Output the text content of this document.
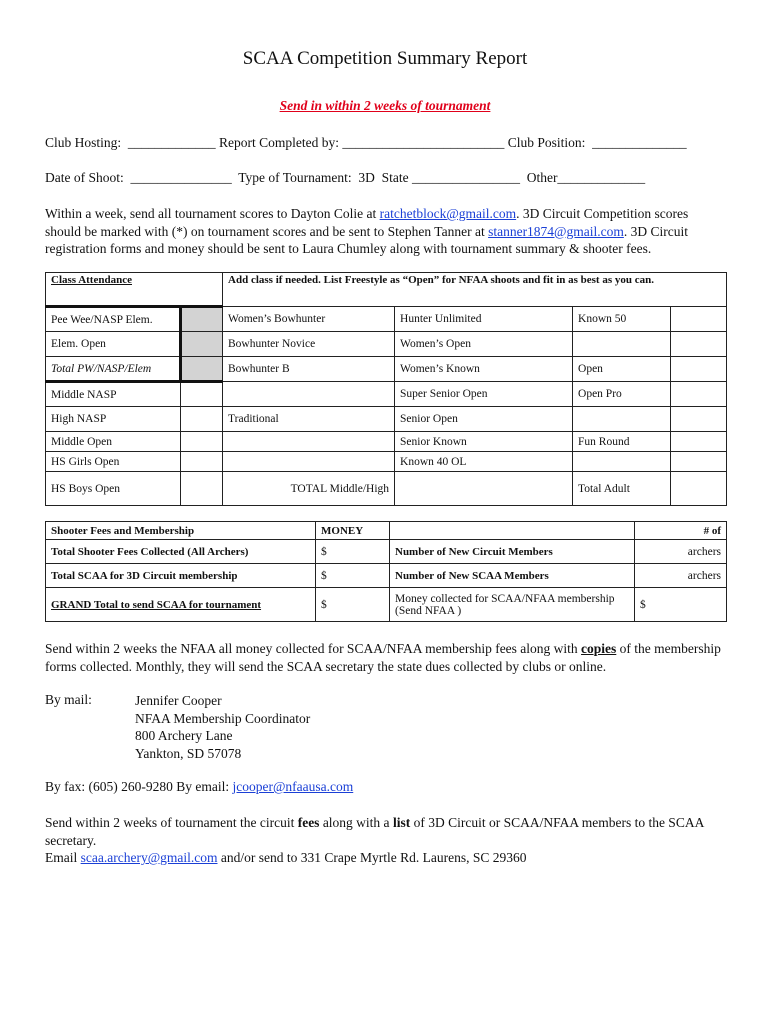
SCAA Competition Summary Report
Send in within 2 weeks of tournament
Club Hosting:  _____________ Report Completed by: ________________________ Club Position:  ______________
Date of Shoot:  _______________  Type of Tournament:  3D  State ________________  Other_____________
Within a week, send all tournament scores to Dayton Colie at ratchetblock@gmail.com. 3D Circuit Competition scores should be marked with (*) on tournament scores and be sent to Stephen Tanner at stanner1874@gmail.com. 3D Circuit registration forms and money should be sent to Laura Chumley along with tournament summary & shooter fees.
Class Attendance		Add class if needed. List Freestyle as “Open” for NFAA shoots and fit in as best as you can.			
Pee Wee/NASP Elem.		Women’s Bowhunter	Hunter Unlimited	Known 50	
Elem. Open		Bowhunter Novice	Women’s Open		
Total PW/NASP/Elem		Bowhunter B	Women’s Known	Open	
Middle NASP			Super Senior Open	Open Pro	
High NASP		Traditional	Senior Open		
Middle Open			Senior Known	Fun Round	
HS Girls Open			Known 40 OL		
HS Boys Open		TOTAL Middle/High		Total Adult	
Shooter Fees and Membership	MONEY		# of
Total Shooter Fees Collected (All Archers)	$	Number of New Circuit Members	archers
Total SCAA for 3D Circuit membership	$	Number of New SCAA Members	archers
GRAND Total to send SCAA for tournament	$	Money collected for SCAA/NFAA membership (Send NFAA )	$
Send within 2 weeks the NFAA all money collected for SCAA/NFAA membership fees along with copies of the membership forms collected. Monthly, they will send the SCAA secretary the state dues collected by clubs or online.
By mail:	Jennifer Cooper
NFAA Membership Coordinator
800 Archery Lane
Yankton, SD 57078
By fax: (605) 260-9280 By email: jcooper@nfaausa.com
Send within 2 weeks of tournament the circuit fees along with a list of 3D Circuit or SCAA/NFAA members to the SCAA secretary.
Email scaa.archery@gmail.com and/or send to 331 Crape Myrtle Rd. Laurens, SC 29360
